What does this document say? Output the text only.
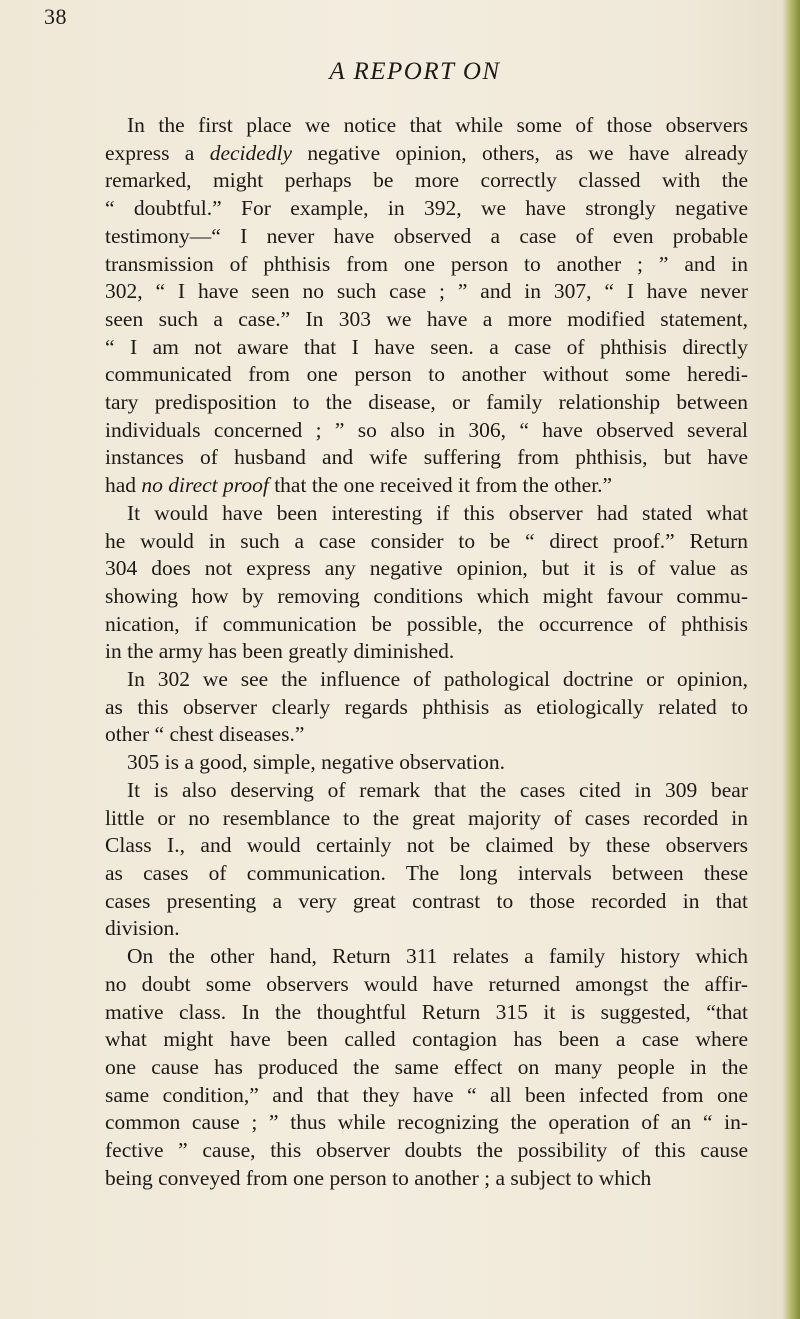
38
A REPORT ON

In the first place we notice that while some of those observers
express a decidedly negative opinion, others, as we have already
remarked, might perhaps be more correctly classed with the
“ doubtful.” For example, in 392, we have strongly negative
testimony—“ I never have observed a case of even probable
transmission of phthisis from one person to another ; ” and in
302, “ I have seen no such case ; ” and in 307, “ I have never
seen such a case.” In 303 we have a more modified statement,
“ I am not aware that I have seen. a case of phthisis directly
communicated from one person to another without some heredi-
tary predisposition to the disease, or family relationship between
individuals concerned ; ” so also in 306, “ have observed several
instances of husband and wife suffering from phthisis, but have
had no direct proof that the one received it from the other.”

It would have been interesting if this observer had stated what
he would in such a case consider to be “ direct proof.” Return
304 does not express any negative opinion, but it is of value as
showing how by removing conditions which might favour commu-
nication, if communication be possible, the occurrence of phthisis
in the army has been greatly diminished.

In 302 we see the influence of pathological doctrine or opinion,
as this observer clearly regards phthisis as etiologically related to
other “ chest diseases.”

305 is a good, simple, negative observation.

It is also deserving of remark that the cases cited in 309 bear
little or no resemblance to the great majority of cases recorded in
Class I., and would certainly not be claimed by these observers
as cases of communication. The long intervals between these
cases presenting a very great contrast to those recorded in that
division.

On the other hand, Return 311 relates a family history which
no doubt some observers would have returned amongst the affir-
mative class. In the thoughtful Return 315 it is suggested, “that
what might have been called contagion has been a case where
one cause has produced the same effect on many people in the
same condition,” and that they have “ all been infected from one
common cause ; ” thus while recognizing the operation of an “ in-
fective ” cause, this observer doubts the possibility of this cause
being conveyed from one person to another ; a subject to which
